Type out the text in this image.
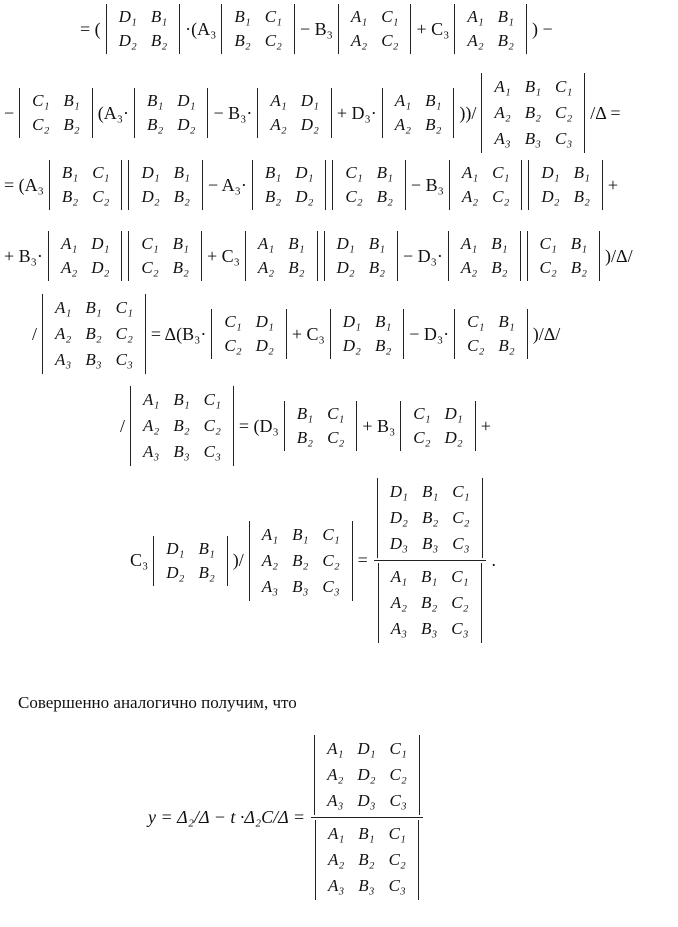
= (
D₁	B₁
D₂	B₂
·(A₃
B₁	C₁
B₂	C₂
− B₃
A₁	C₁
A₂	C₂
+ C₃
A₁	B₁
A₂	B₂
) −
−
C₁	B₁
C₂	B₂
(A₃·
B₁	D₁
B₂	D₂
− B₃·
A₁	D₁
A₂	D₂
+ D₃·
A₁	B₁
A₂	B₂
))/
A₁	B₁	C₁
A₂	B₂	C₂
A₃	B₃	C₃
/Δ =
= (A₃
B₁	C₁
B₂	C₂
D₁	B₁
D₂	B₂
− A₃·
B₁	D₁
B₂	D₂
C₁	B₁
C₂	B₂
− B₃
A₁	C₁
A₂	C₂
D₁	B₁
D₂	B₂
+
+ B₃·
A₁	D₁
A₂	D₂
C₁	B₁
C₂	B₂
+ C₃
A₁	B₁
A₂	B₂
D₁	B₁
D₂	B₂
− D₃·
A₁	B₁
A₂	B₂
C₁	B₁
C₂	B₂
)/Δ/
/
A₁	B₁	C₁
A₂	B₂	C₂
A₃	B₃	C₃
= Δ(B₃·
C₁	D₁
C₂	D₂
+ C₃
D₁	B₁
D₂	B₂
− D₃·
C₁	B₁
C₂	B₂
)/Δ/
/
A₁	B₁	C₁
A₂	B₂	C₂
A₃	B₃	C₃
= (D₃
B₁	C₁
B₂	C₂
+ B₃
C₁	D₁
C₂	D₂
+
C₃
D₁	B₁
D₂	B₂
)/
A₁	B₁	C₁
A₂	B₂	C₂
A₃	B₃	C₃
= D₁	B₁	C₁
D₂	B₂	C₂
D₃	B₃	C₃
A₁	B₁	C₁
A₂	B₂	C₂
A₃	B₃	C₃ .
Совершенно аналогично получим, что
y = Δ₂/Δ − t ·Δ₂C/Δ = A₁	D₁	C₁
A₂	D₂	C₂
A₃	D₃	C₃
A₁	B₁	C₁
A₂	B₂	C₂
A₃	B₃	C₃
